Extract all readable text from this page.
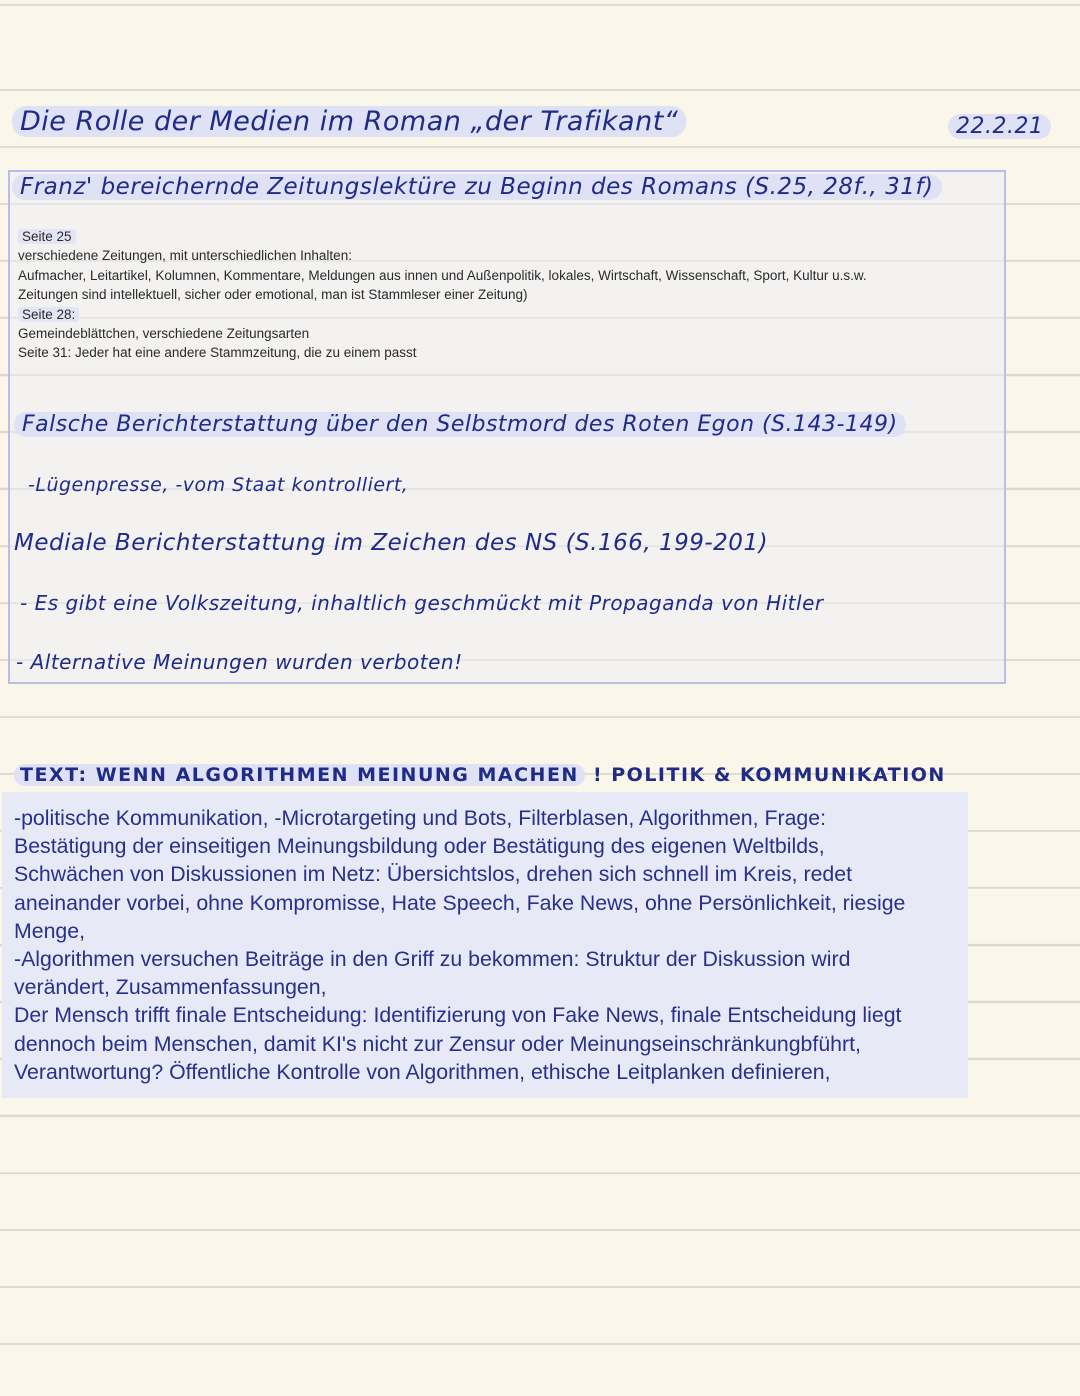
Die Rolle der Medien im Roman „der Trafikant“	22.2.21
Franz' bereichernde Zeitungslektüre zu Beginn des Romans (S.25, 28f., 31f)
Seite 25
verschiedene Zeitungen, mit unterschiedlichen Inhalten:
Aufmacher, Leitartikel, Kolumnen, Kommentare, Meldungen aus innen und Außenpolitik, lokales, Wirtschaft, Wissenschaft, Sport, Kultur u.s.w.
Zeitungen sind intellektuell, sicher oder emotional, man ist Stammleser einer Zeitung)
Seite 28:
Gemeindeblättchen, verschiedene Zeitungsarten
Seite 31: Jeder hat eine andere Stammzeitung, die zu einem passt
Falsche Berichterstattung über den Selbstmord des Roten Egon (S.143-149)
-Lügenpresse, -vom Staat kontrolliert,
Mediale Berichterstattung im Zeichen des NS (S.166, 199-201)
- Es gibt eine Volkszeitung, inhaltlich geschmückt mit Propaganda von Hitler
- Alternative Meinungen wurden verboten!
TEXT: WENN ALGORITHMEN MEINUNG MACHEN ! POLITIK & KOMMUNIKATION
-politische Kommunikation, -Microtargeting und Bots, Filterblasen, Algorithmen, Frage:
Bestätigung der einseitigen Meinungsbildung oder Bestätigung des eigenen Weltbilds,
Schwächen von Diskussionen im Netz: Übersichtslos, drehen sich schnell im Kreis, redet
aneinander vorbei, ohne Kompromisse, Hate Speech, Fake News, ohne Persönlichkeit, riesige
Menge,
-Algorithmen versuchen Beiträge in den Griff zu bekommen: Struktur der Diskussion wird
verändert, Zusammenfassungen,
Der Mensch trifft finale Entscheidung: Identifizierung von Fake News, finale Entscheidung liegt
dennoch beim Menschen, damit KI's nicht zur Zensur oder Meinungseinschränkungbführt,
Verantwortung? Öffentliche Kontrolle von Algorithmen, ethische Leitplanken definieren,
